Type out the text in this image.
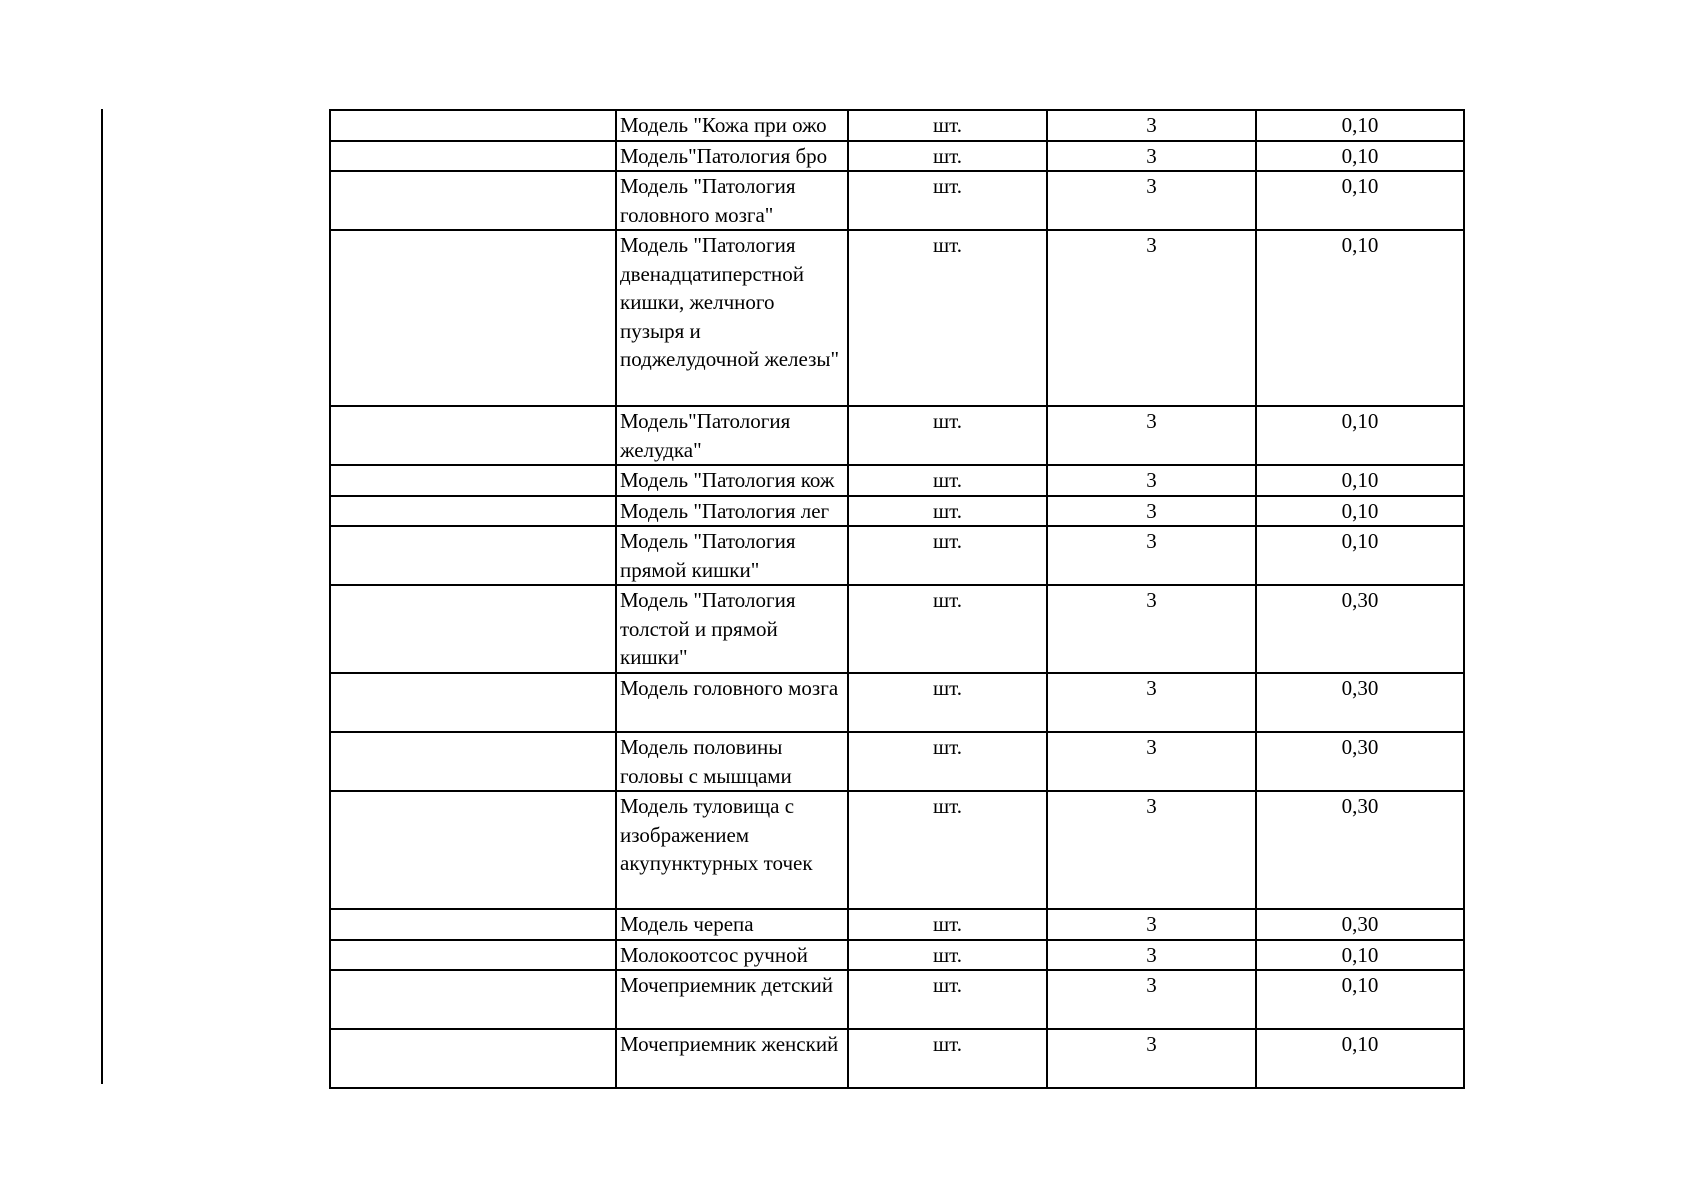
	Модель "Кожа при ожо	шт.	3	0,10
	Модель"Патология бро	шт.	3	0,10
	Модель "Патология головного мозга"	шт.	3	0,10
	Модель "Патология двенадцатиперстной кишки, желчного пузыря и поджелудочной железы"	шт.	3	0,10
	Модель"Патология желудка"	шт.	3	0,10
	Модель "Патология кож	шт.	3	0,10
	Модель "Патология лег	шт.	3	0,10
	Модель "Патология прямой кишки"	шт.	3	0,10
	Модель "Патология толстой и прямой кишки"	шт.	3	0,30
	Модель головного мозга	шт.	3	0,30
	Модель половины головы с мышцами	шт.	3	0,30
	Модель туловища с изображением акупунктурных точек	шт.	3	0,30
	Модель черепа	шт.	3	0,30
	Молокоотсос ручной	шт.	3	0,10
	Мочеприемник детский	шт.	3	0,10
	Мочеприемник женский	шт.	3	0,10
